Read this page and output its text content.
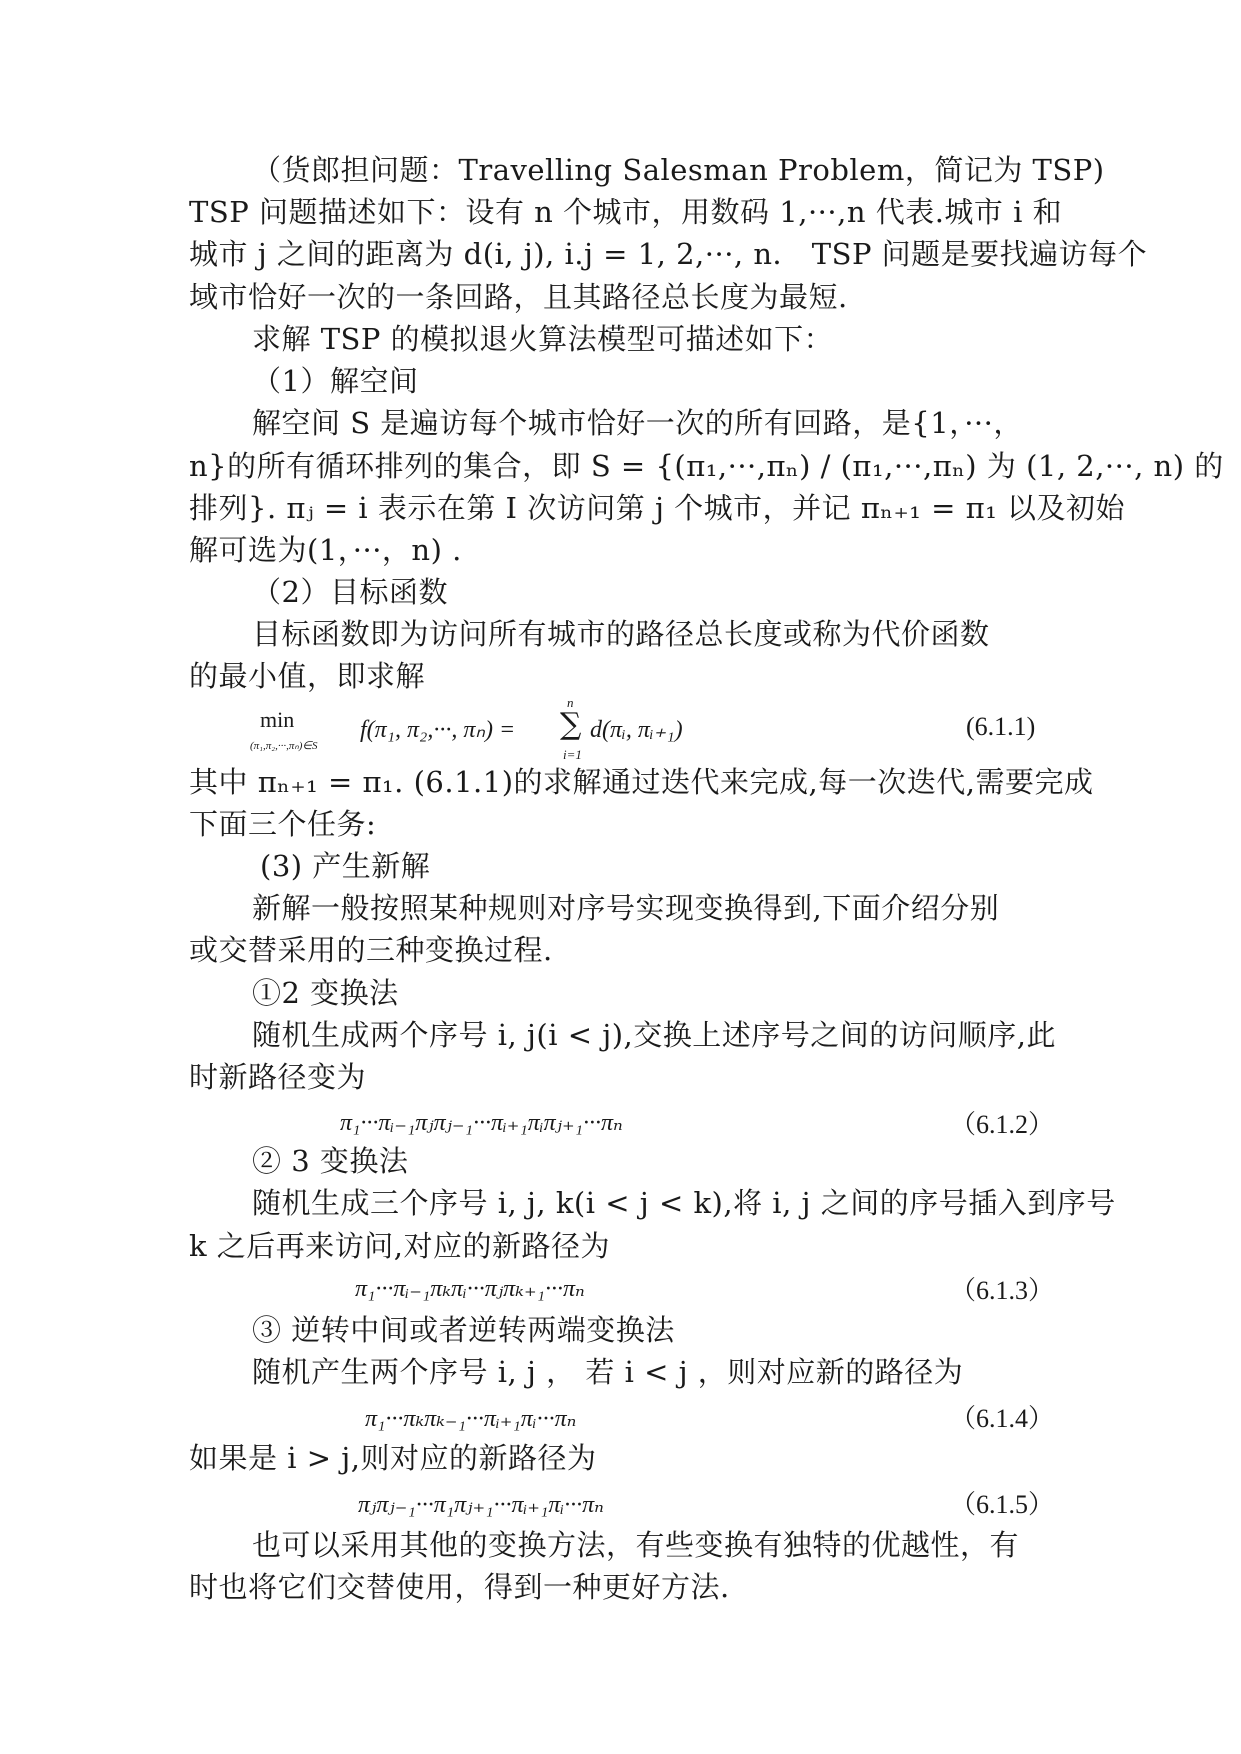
（货郎担问题：Travelling Salesman Problem，简记为 TSP)
TSP 问题描述如下：设有 n 个城市，用数码 1,···,n 代表.城市 i 和
城市 j 之间的距离为 d(i, j), i.j = 1, 2,···, n． TSP 问题是要找遍访每个
域市恰好一次的一条回路，且其路径总长度为最短.
求解 TSP 的模拟退火算法模型可描述如下：
（1）解空间
解空间 S 是遍访每个城市恰好一次的所有回路，是{1，···，
n}的所有循环排列的集合，即 S = {(π₁,···,πₙ) / (π₁,···,πₙ) 为 (1, 2,···, n) 的
排列}. πⱼ = i 表示在第 I 次访问第 j 个城市，并记 πₙ₊₁ = π₁ 以及初始
解可选为(1，···，n) .
（2）目标函数
目标函数即为访问所有城市的路径总长度或称为代价函数
的最小值，即求解
min
(π₁,π₂,···,πₙ)∈S
f(π₁, π₂,···, πₙ) =
n
∑
i=1
d(πᵢ, πᵢ₊₁)	(6.1.1)
其中 πₙ₊₁ = π₁. (6.1.1)的求解通过迭代来完成,每一次迭代,需要完成
下面三个任务:
(3) 产生新解
新解一般按照某种规则对序号实现变换得到,下面介绍分别
或交替采用的三种变换过程.
①2 变换法
随机生成两个序号 i, j(i < j),交换上述序号之间的访问顺序,此
时新路径变为
π₁···πᵢ₋₁πⱼπⱼ₋₁···πᵢ₊₁πᵢπⱼ₊₁···πₙ	（6.1.2）
② 3 变换法
随机生成三个序号 i, j, k(i < j < k),将 i, j 之间的序号插入到序号
k 之后再来访问,对应的新路径为
π₁···πᵢ₋₁πₖπᵢ···πⱼπₖ₊₁···πₙ	（6.1.3）
③ 逆转中间或者逆转两端变换法
随机产生两个序号 i, j ， 若 i < j ，则对应新的路径为
π₁···πₖπₖ₋₁···πᵢ₊₁πᵢ···πₙ	（6.1.4）
如果是 i > j,则对应的新路径为
πⱼπⱼ₋₁···π₁πⱼ₊₁···πᵢ₊₁πᵢ···πₙ	（6.1.5）
也可以采用其他的变换方法，有些变换有独特的优越性，有
时也将它们交替使用，得到一种更好方法.
